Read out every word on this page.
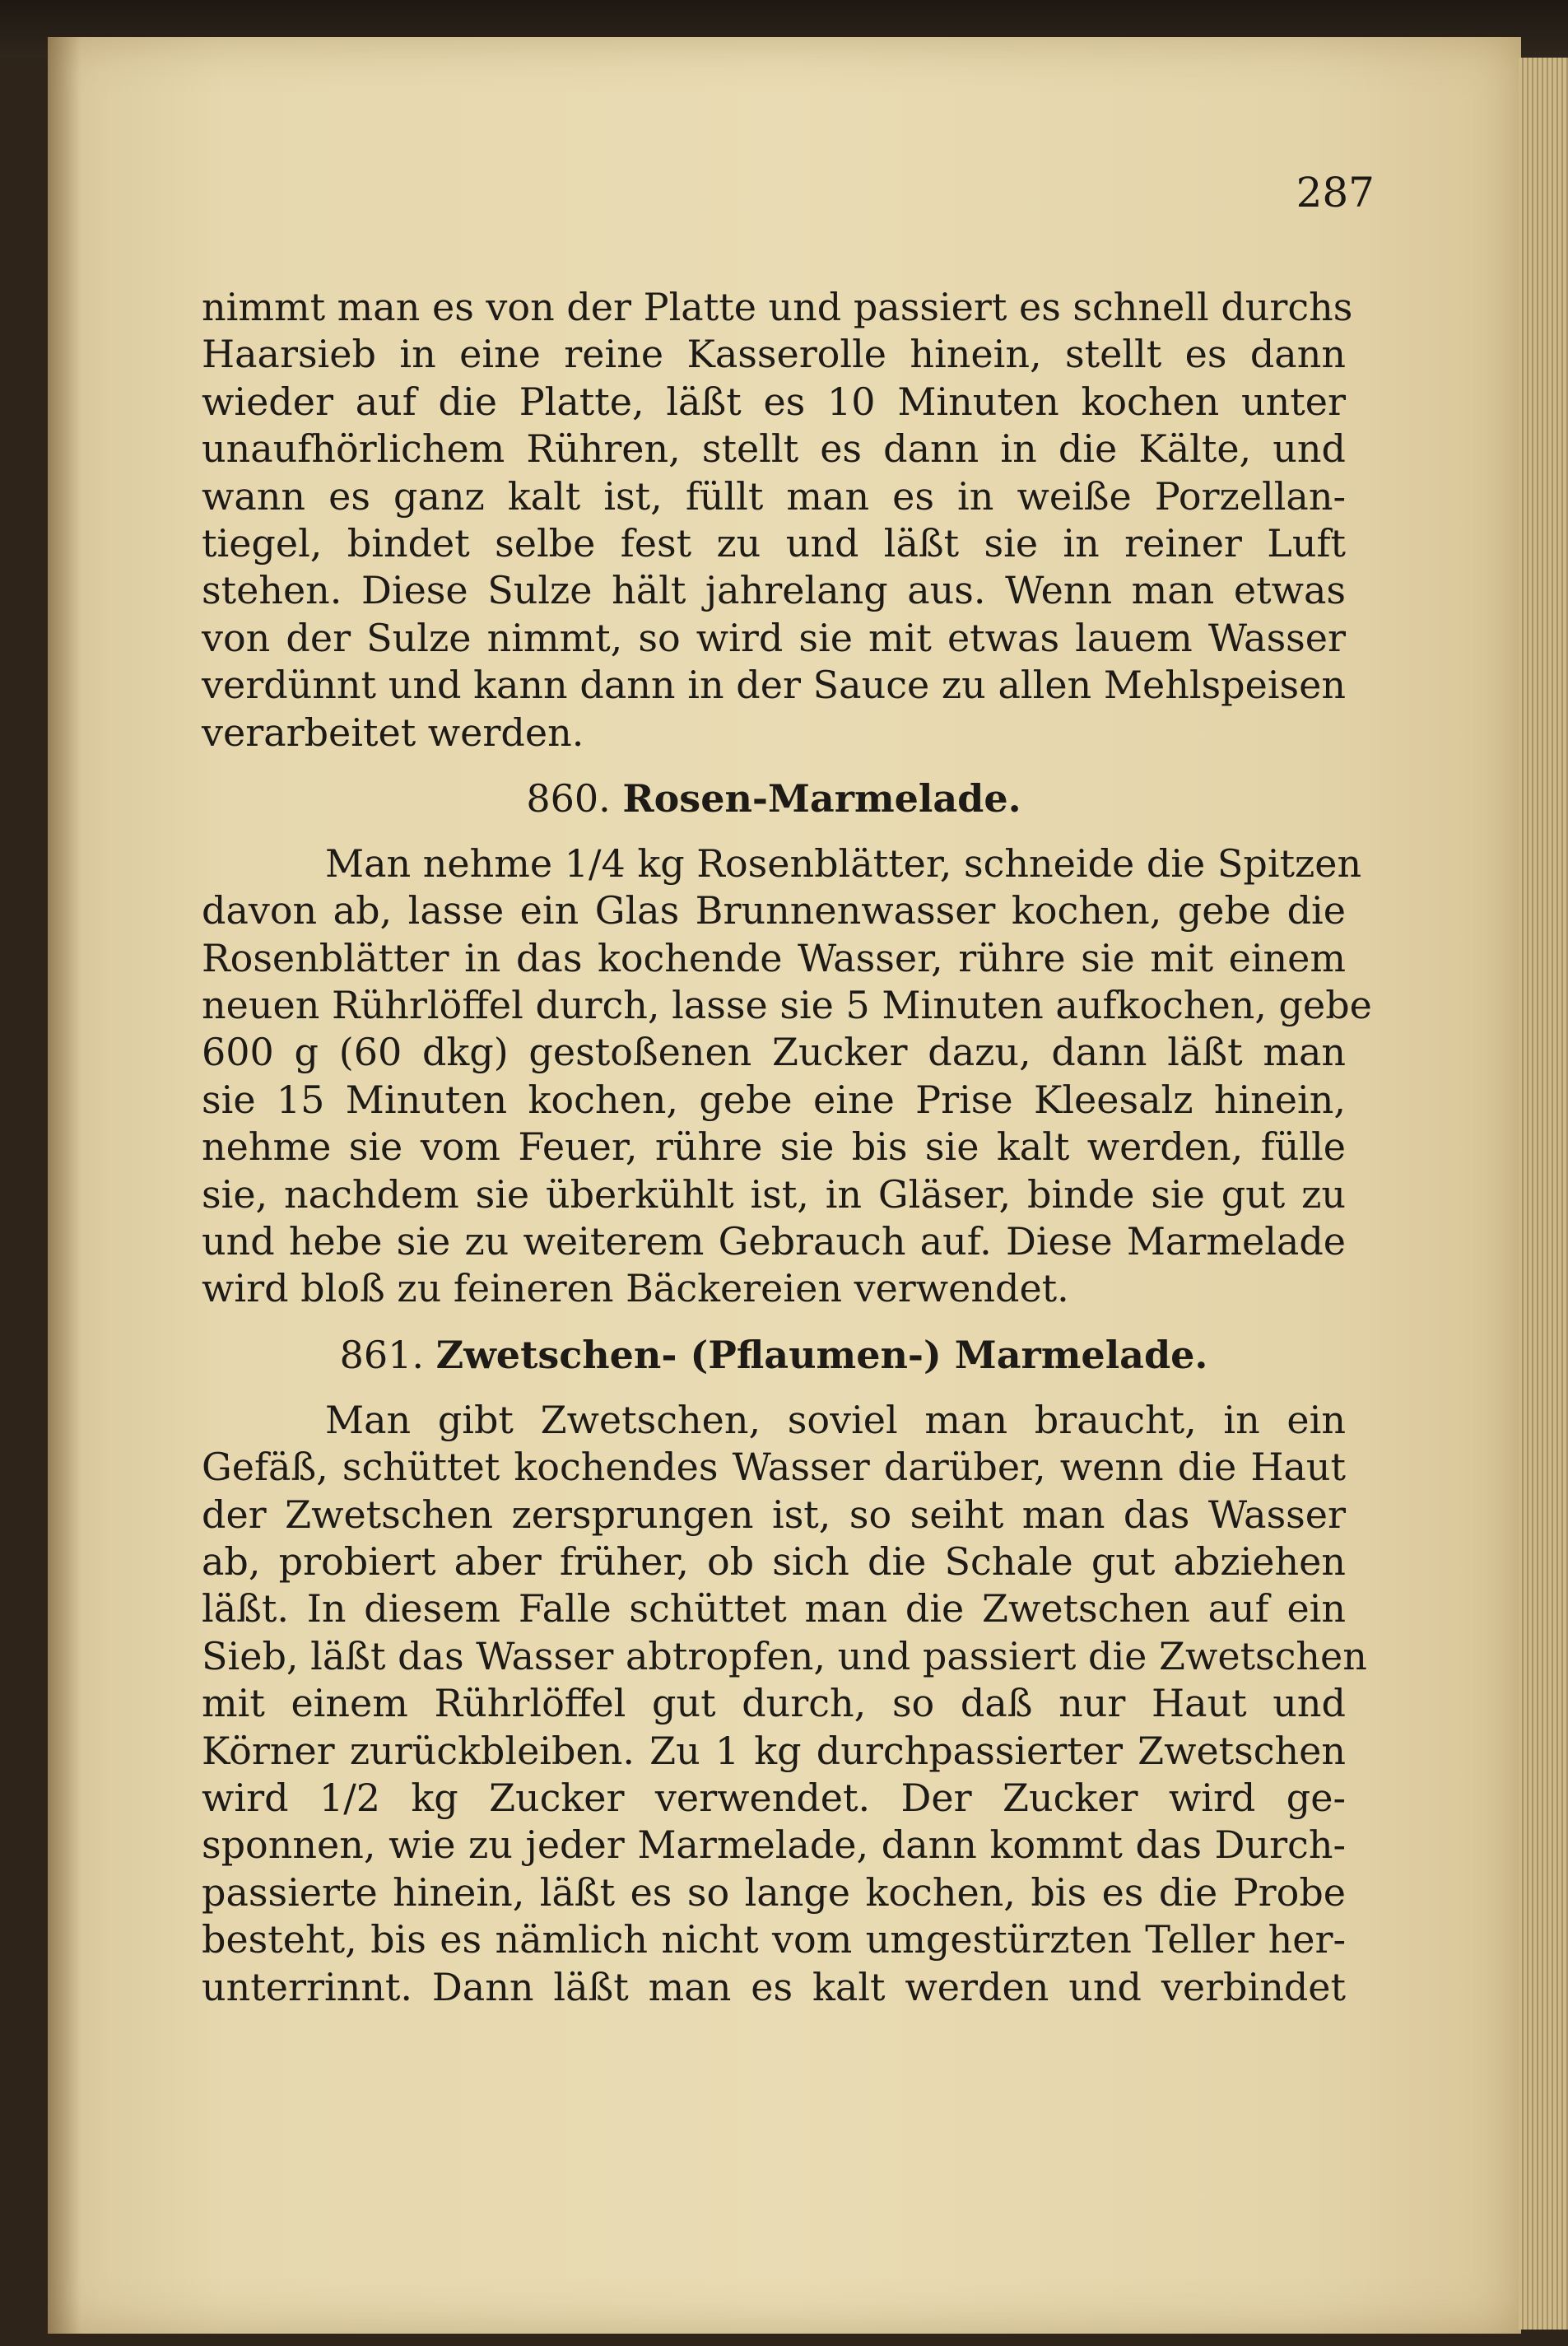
287
nimmt man es von der Platte und passiert es schnell durchs
Haarsieb in eine reine Kasserolle hinein, stellt es dann
wieder auf die Platte, läßt es 10 Minuten kochen unter
unaufhörlichem Rühren, stellt es dann in die Kälte, und
wann es ganz kalt ist, füllt man es in weiße Porzellan-
tiegel, bindet selbe fest zu und läßt sie in reiner Luft
stehen. Diese Sulze hält jahrelang aus. Wenn man etwas
von der Sulze nimmt, so wird sie mit etwas lauem Wasser
verdünnt und kann dann in der Sauce zu allen Mehlspeisen
verarbeitet werden.
860. Rosen-Marmelade.
Man nehme 1/4 kg Rosenblätter, schneide die Spitzen
davon ab, lasse ein Glas Brunnenwasser kochen, gebe die
Rosenblätter in das kochende Wasser, rühre sie mit einem
neuen Rührlöffel durch, lasse sie 5 Minuten aufkochen, gebe
600 g (60 dkg) gestoßenen Zucker dazu, dann läßt man
sie 15 Minuten kochen, gebe eine Prise Kleesalz hinein,
nehme sie vom Feuer, rühre sie bis sie kalt werden, fülle
sie, nachdem sie überkühlt ist, in Gläser, binde sie gut zu
und hebe sie zu weiterem Gebrauch auf. Diese Marmelade
wird bloß zu feineren Bäckereien verwendet.
861. Zwetschen- (Pflaumen-) Marmelade.
Man gibt Zwetschen, soviel man braucht, in ein
Gefäß, schüttet kochendes Wasser darüber, wenn die Haut
der Zwetschen zersprungen ist, so seiht man das Wasser
ab, probiert aber früher, ob sich die Schale gut abziehen
läßt. In diesem Falle schüttet man die Zwetschen auf ein
Sieb, läßt das Wasser abtropfen, und passiert die Zwetschen
mit einem Rührlöffel gut durch, so daß nur Haut und
Körner zurückbleiben. Zu 1 kg durchpassierter Zwetschen
wird 1/2 kg Zucker verwendet. Der Zucker wird ge-
sponnen, wie zu jeder Marmelade, dann kommt das Durch-
passierte hinein, läßt es so lange kochen, bis es die Probe
besteht, bis es nämlich nicht vom umgestürzten Teller her-
unterrinnt. Dann läßt man es kalt werden und verbindet
